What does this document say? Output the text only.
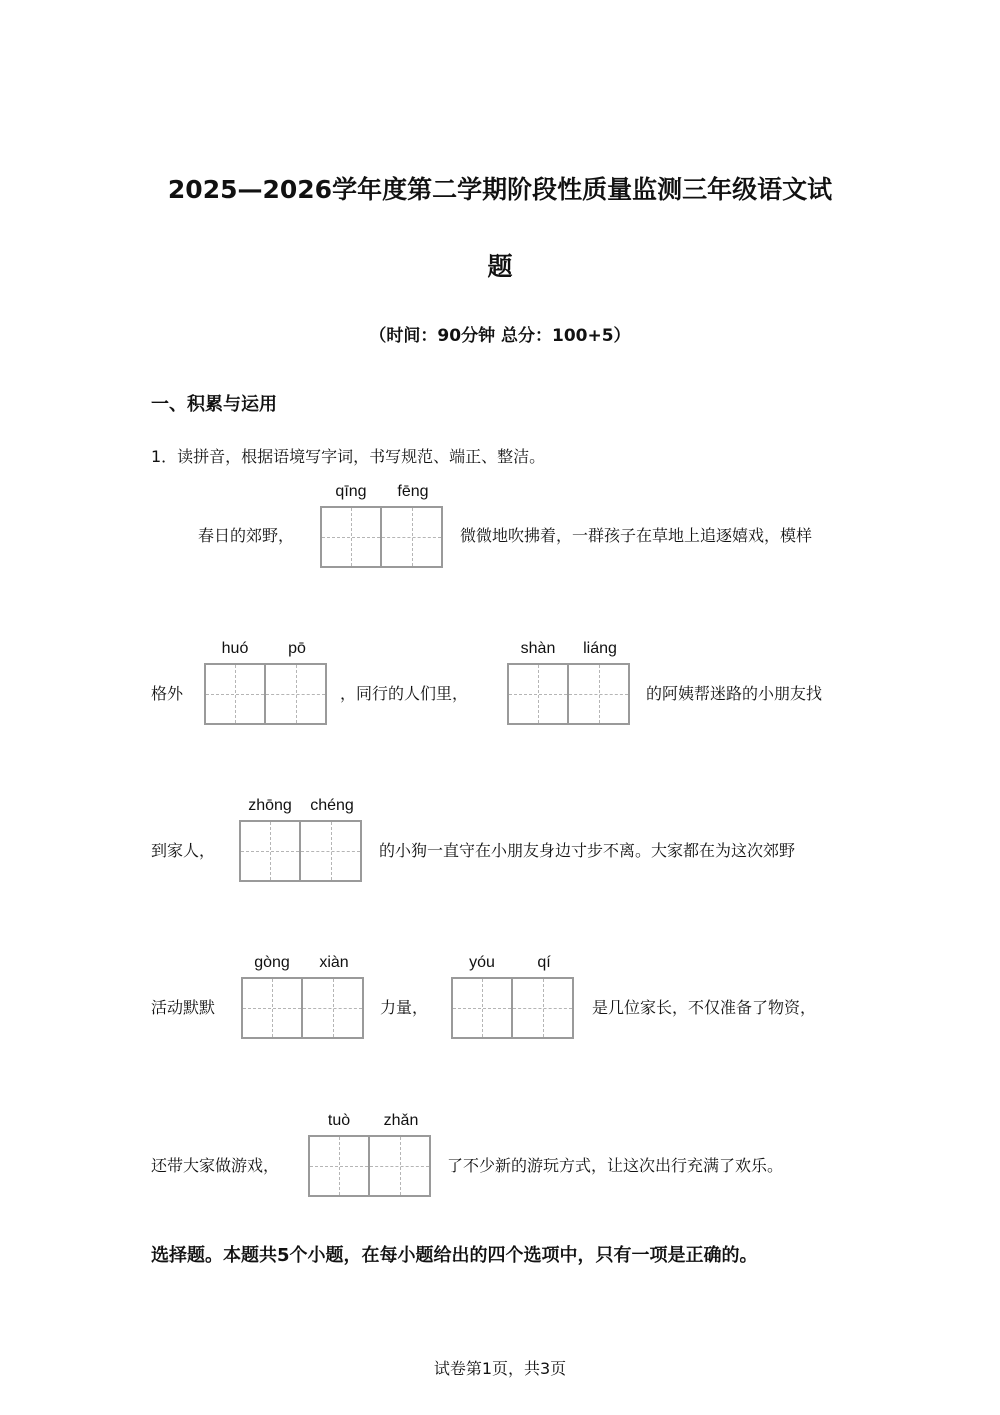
2025—2026学年度第二学期阶段性质量监测三年级语文试
题
（时间：90分钟 总分：100+5）
一、积累与运用
1．读拼音，根据语境写字词，书写规范、端正、整洁。
春日的郊野，
qīng	fēng
微微地吹拂着，一群孩子在草地上追逐嬉戏，模样
格外
huó	pō
，同行的人们里，
shàn	liáng
的阿姨帮迷路的小朋友找
到家人，
zhōng	chéng
的小狗一直守在小朋友身边寸步不离。大家都在为这次郊野
活动默默
gòng	xiàn
力量，
yóu	qí
是几位家长，不仅准备了物资，
还带大家做游戏，
tuò	zhǎn
了不少新的游玩方式，让这次出行充满了欢乐。
选择题。本题共5个小题，在每小题给出的四个选项中，只有一项是正确的。
试卷第1页，共3页
